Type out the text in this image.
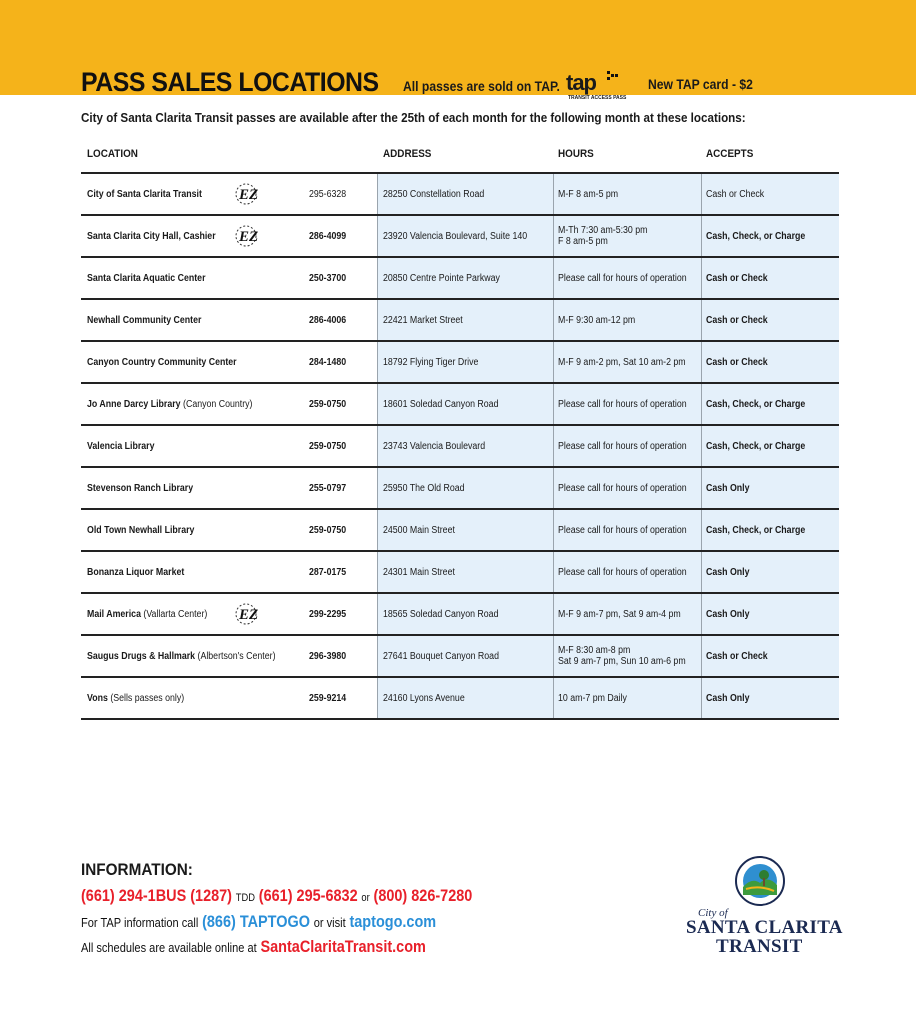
PASS SALES LOCATIONS All passes are sold on TAP. tap
TRANSIT ACCESS PASS
New TAP card - $2
City of Santa Clarita Transit passes are available after the 25th of each month for the following month at these locations:
LOCATION	ADDRESS	HOURS	ACCEPTS
City of Santa Clarita Transit EZ	295-6328	28250 Constellation Road	M-F 8 am-5 pm	Cash or Check
Santa Clarita City Hall, Cashier EZ	286-4099	23920 Valencia Boulevard, Suite 140	M-Th 7:30 am-5:30 pm
F 8 am-5 pm	Cash, Check, or Charge
Santa Clarita Aquatic Center	250-3700	20850 Centre Pointe Parkway	Please call for hours of operation Cash or Check
Newhall Community Center	286-4006	22421 Market Street	M-F 9:30 am-12 pm	Cash or Check
Canyon Country Community Center	284-1480	18792 Flying Tiger Drive	M-F 9 am-2 pm, Sat 10 am-2 pm Cash or Check
Jo Anne Darcy Library (Canyon Country)	259-0750	18601 Soledad Canyon Road	Please call for hours of operation Cash, Check, or Charge
Valencia Library	259-0750	23743 Valencia Boulevard	Please call for hours of operation Cash, Check, or Charge
Stevenson Ranch Library	255-0797	25950 The Old Road	Please call for hours of operation Cash Only
Old Town Newhall Library	259-0750	24500 Main Street	Please call for hours of operation Cash, Check, or Charge
Bonanza Liquor Market	287-0175	24301 Main Street	Please call for hours of operation Cash Only
Mail America (Vallarta Center) EZ	299-2295	18565 Soledad Canyon Road	M-F 9 am-7 pm, Sat 9 am-4 pm	Cash Only
Saugus Drugs & Hallmark (Albertson's Center)	296-3980	27641 Bouquet Canyon Road	M-F 8:30 am-8 pm
Sat 9 am-7 pm, Sun 10 am-6 pm Cash or Check
Vons (Sells passes only)	259-9214	24160 Lyons Avenue	10 am-7 pm Daily	Cash Only
INFORMATION:
(661) 294-1BUS (1287) TDD (661) 295-6832 or (800) 826-7280
For TAP information call (866) TAPTOGO or visit taptogo.com
All schedules are available online at SantaClaritaTransit.com
City of
SANTA CLARITA
TRANSIT
